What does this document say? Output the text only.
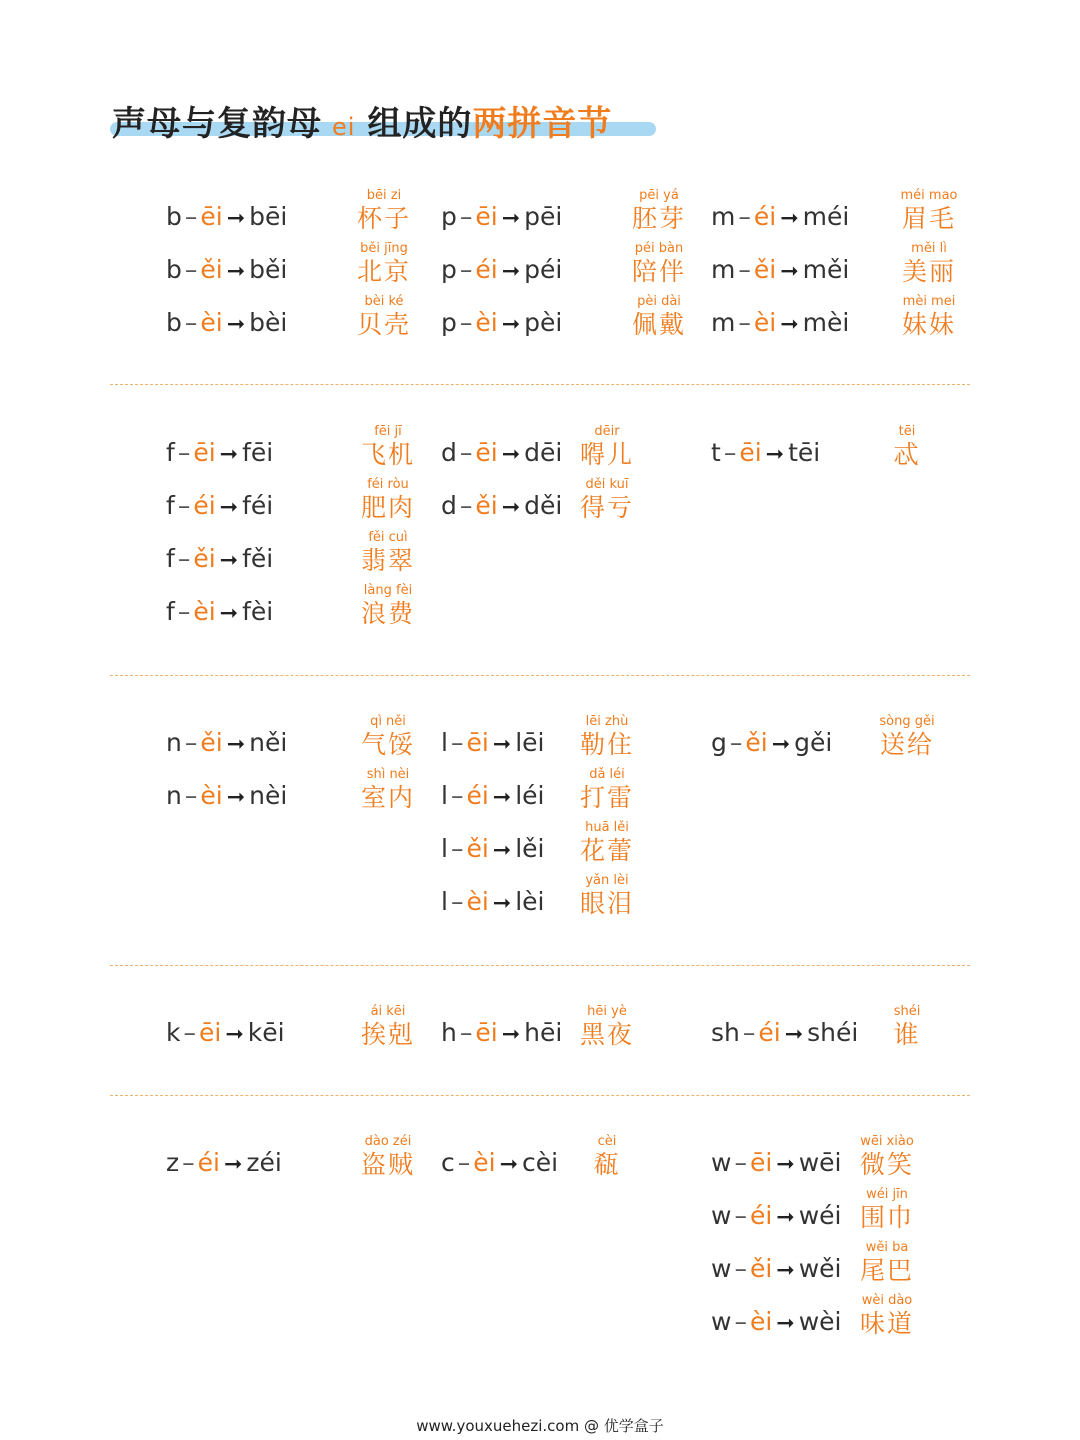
声母与复韵母 ei 组成的两拼音节
b – ēi ➞ bēi
bēi zi
杯子
b – ěi ➞ běi
běi jīng
北京
b – èi ➞ bèi
bèi ké
贝壳
p – ēi ➞ pēi
pēi yá
胚芽
p – éi ➞ péi
péi bàn
陪伴
p – èi ➞ pèi
pèi dài
佩戴
m – éi ➞ méi
méi mao
眉毛
m – ěi ➞ měi
měi lì
美丽
m – èi ➞ mèi
mèi mei
妹妹
f – ēi ➞ fēi
fēi jī
飞机
f – éi ➞ féi
féi ròu
肥肉
f – ěi ➞ fěi
fěi cuì
翡翠
f – èi ➞ fèi
làng fèi
浪费
d – ēi ➞ dēi
dēir
嘚儿
d – ěi ➞ děi
děi kuī
得亏
t – ēi ➞ tēi
tēi
忒
n – ěi ➞ něi
qì něi
气馁
n – èi ➞ nèi
shì nèi
室内
l – ēi ➞ lēi
lēi zhù
勒住
l – éi ➞ léi
dǎ léi
打雷
l – ěi ➞ lěi
huā lěi
花蕾
l – èi ➞ lèi
yǎn lèi
眼泪
g – ěi ➞ gěi
sòng gěi
送给
k – ēi ➞ kēi
ái kēi
挨剋 h – ēi ➞ hēi
hēi yè
黑夜	sh – éi ➞ shéi
shéi
谁
z – éi ➞ zéi
dào zéi
盗贼 c – èi ➞ cèi
cèi
瓻	w – ēi ➞ wēi
wēi xiào
微笑
w – éi ➞ wéi
wéi jīn
围巾
w – ěi ➞ wěi
wěi ba
尾巴
w – èi ➞ wèi
wèi dào
味道
www.youxuehezi.com @ 优学盒子
